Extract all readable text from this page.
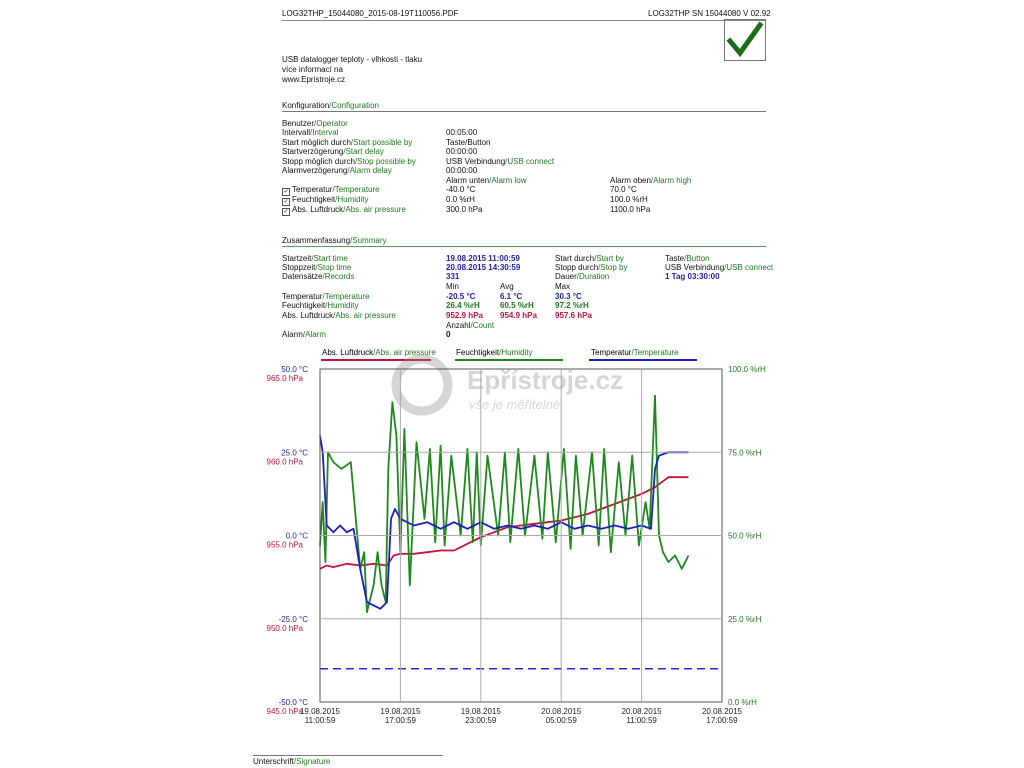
LOG32THP_15044080_2015-08-19T110056.PDF	LOG32THP SN 15044080 V 02.92
USB datalogger teploty - vlhkosti - tlaku
více informací na
www.Epristroje.cz
Konfiguration/Configuration
Benutzer/Operator
Intervall/Interval	00:05:00
Start möglich durch/Start possible by	Taste/Button
Startverzögerung/Start delay	00:00:00
Stopp möglich durch/Stop possible by	USB Verbindung/USB connect
Alarmverzögerung/Alarm delay	00:00:00
Alarm unten/Alarm low	Alarm oben/Alarm high
✓ Temperatur/Temperature	-40.0 °C	70.0 °C
✓ Feuchtigkeit/Humidity	0.0 %rH	100.0 %rH
✓ Abs. Luftdruck/Abs. air pressure	300.0 hPa	1100.0 hPa
Zusammenfassung/Summary
Startzeit/Start time	19.08.2015 11:00:59	Start durch/Start by	Taste/Button
Stoppzeit/Stop time	20.08.2015 14:30:59	Stopp durch/Stop by	USB Verbindung/USB connect
Datensätze/Records	331	Dauer/Duration	1 Tag 03:30:00
Min	Avg	Max
Temperatur/Temperature	-20.5 °C	6.1 °C	30.3 °C
Feuchtigkeit/Humidity	26.4 %rH	60.5 %rH	97.2 %rH
Abs. Luftdruck/Abs. air pressure	952.9 hPa 954.9 hPa 957.6 hPa
Anzahl/Count
Alarm/Alarm	0
Abs. Luftdruck/Abs. air pressure	Feuchtigkeit/Humidity	Temperatur/Temperature
Epřístroje.cz
vše je měřitelné
50.0 °C
965.0 hPa
100.0 %rH
25.0 °C
960.0 hPa
75.0 %rH
0.0 °C
955.0 hPa
50.0 %rH
-25.0 °C
950.0 hPa
25.0 %rH
-50.0 °C
945.0 hPa
0.0 %rH
19.08.2015
11:00:59
19.08.2015
17:00:59
19.08.2015
23:00:59
20.08.2015
05:00:59
20.08.2015
11:00:59
20.08.2015
17:00:59
Unterschrift/Signature
